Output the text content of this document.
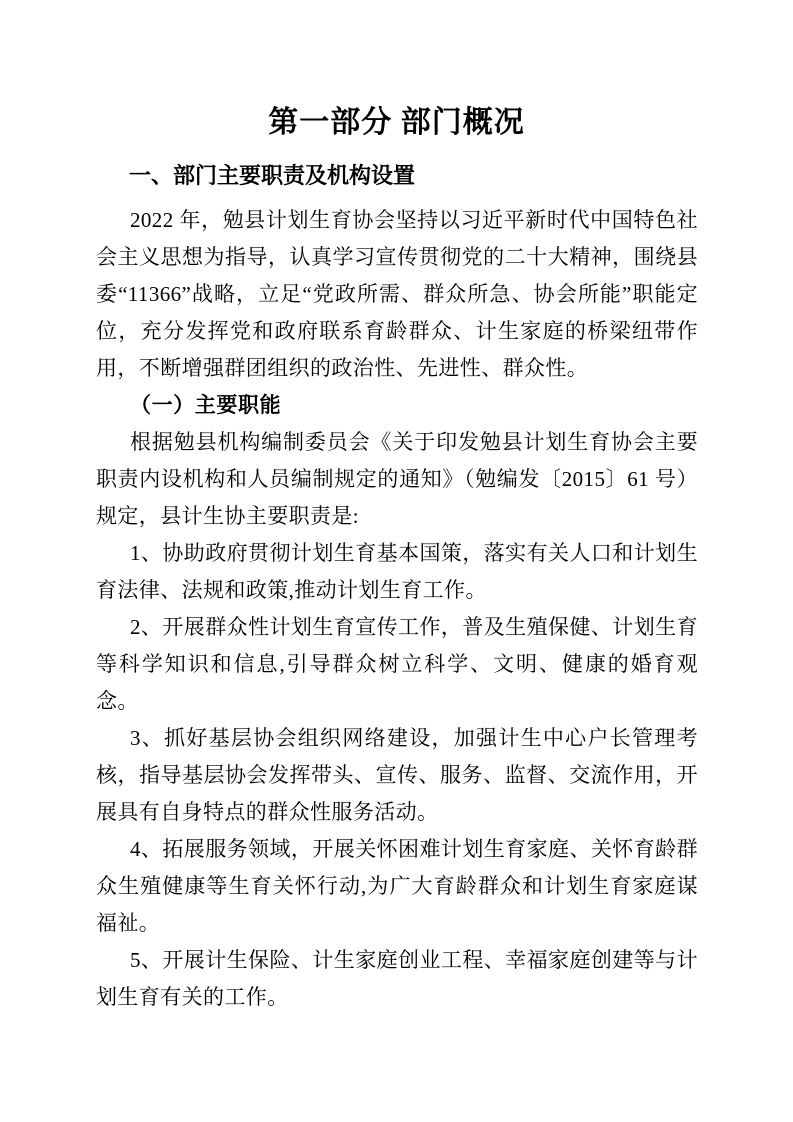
第一部分 部门概况
一、部门主要职责及机构设置

2022 年，勉县计划生育协会坚持以习近平新时代中国特色社会主义思想为指导，认真学习宣传贯彻党的二十大精神，围绕县委“11366”战略，立足“党政所需、群众所急、协会所能”职能定位，充分发挥党和政府联系育龄群众、计生家庭的桥梁纽带作用，不断增强群团组织的政治性、先进性、群众性。

（一）主要职能

根据勉县机构编制委员会《关于印发勉县计划生育协会主要职责内设机构和人员编制规定的通知》（勉编发〔2015〕61 号）规定，县计生协主要职责是:

1、协助政府贯彻计划生育基本国策，落实有关人口和计划生育法律、法规和政策,推动计划生育工作。

2、开展群众性计划生育宣传工作，普及生殖保健、计划生育等科学知识和信息,引导群众树立科学、文明、健康的婚育观念。

3、抓好基层协会组织网络建设，加强计生中心户长管理考核，指导基层协会发挥带头、宣传、服务、监督、交流作用，开展具有自身特点的群众性服务活动。

4、拓展服务领域，开展关怀困难计划生育家庭、关怀育龄群众生殖健康等生育关怀行动,为广大育龄群众和计划生育家庭谋福祉。

5、开展计生保险、计生家庭创业工程、幸福家庭创建等与计划生育有关的工作。
